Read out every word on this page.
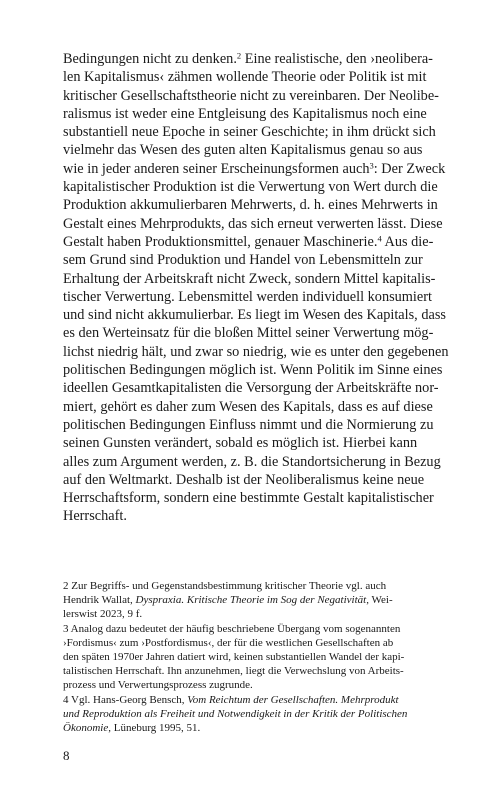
Bedingungen nicht zu denken.$^2$ Eine realistische, den ›neolibera-
len Kapitalismus‹ zähmen wollende Theorie oder Politik ist mit
kritischer Gesellschaftstheorie nicht zu vereinbaren. Der Neolibe-
ralismus ist weder eine Entgleisung des Kapitalismus noch eine
substantiell neue Epoche in seiner Geschichte; in ihm drückt sich
vielmehr das Wesen des guten alten Kapitalismus genau so aus
wie in jeder anderen seiner Erscheinungsformen auch$^3$: Der Zweck
kapitalistischer Produktion ist die Verwertung von Wert durch die
Produktion akkumulierbaren Mehrwerts, d. h. eines Mehrwerts in
Gestalt eines Mehrprodukts, das sich erneut verwerten lässt. Diese
Gestalt haben Produktionsmittel, genauer Maschinerie.$^4$ Aus die-
sem Grund sind Produktion und Handel von Lebensmitteln zur
Erhaltung der Arbeitskraft nicht Zweck, sondern Mittel kapitalis-
tischer Verwertung. Lebensmittel werden individuell konsumiert
und sind nicht akkumulierbar. Es liegt im Wesen des Kapitals, dass
es den Werteinsatz für die bloßen Mittel seiner Verwertung mög-
lichst niedrig hält, und zwar so niedrig, wie es unter den gegebenen
politischen Bedingungen möglich ist. Wenn Politik im Sinne eines
ideellen Gesamtkapitalisten die Versorgung der Arbeitskräfte nor-
miert, gehört es daher zum Wesen des Kapitals, dass es auf diese
politischen Bedingungen Einfluss nimmt und die Normierung zu
seinen Gunsten verändert, sobald es möglich ist. Hierbei kann
alles zum Argument werden, z. B. die Standortsicherung in Bezug
auf den Weltmarkt. Deshalb ist der Neoliberalismus keine neue
Herrschaftsform, sondern eine bestimmte Gestalt kapitalistischer
Herrschaft.
2 Zur Begriffs- und Gegenstandsbestimmung kritischer Theorie vgl. auch
Hendrik Wallat, Dyspraxia. Kritische Theorie im Sog der Negativität, Wei-
lerswist 2023, 9 f.
3 Analog dazu bedeutet der häufig beschriebene Übergang vom sogenannten
›Fordismus‹ zum ›Postfordismus‹, der für die westlichen Gesellschaften ab
den späten 1970er Jahren datiert wird, keinen substantiellen Wandel der kapi-
talistischen Herrschaft. Ihn anzunehmen, liegt die Verwechslung von Arbeits-
prozess und Verwertungsprozess zugrunde.
4 Vgl. Hans-Georg Bensch, Vom Reichtum der Gesellschaften. Mehrprodukt
und Reproduktion als Freiheit und Notwendigkeit in der Kritik der Politischen
Ökonomie, Lüneburg 1995, 51.
8
